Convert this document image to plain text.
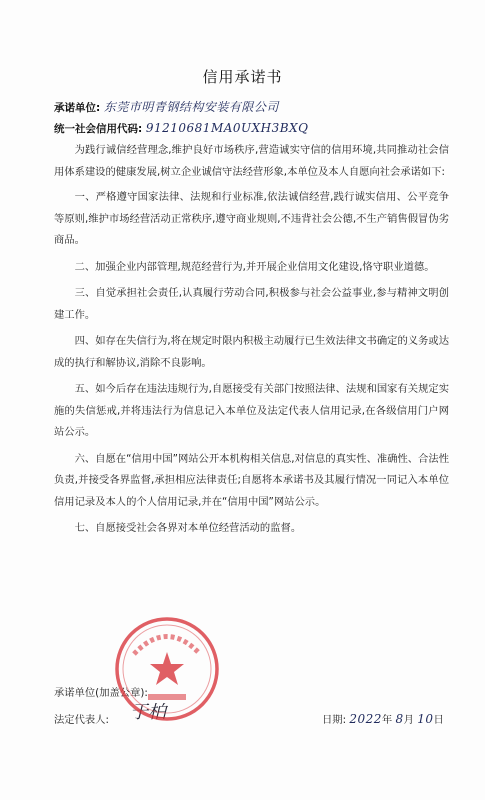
信用承诺书
承诺单位: 东莞市明青钢结构安装有限公司
统一社会信用代码: 91210681MA0UXH3BXQ

为践行诚信经营理念,维护良好市场秩序,营造诚实守信的信用环境,共同推动社会信用体系建设的健康发展,树立企业诚信守法经营形象,本单位及本人自愿向社会承诺如下:

一、严格遵守国家法律、法规和行业标准,依法诚信经营,践行诚实信用、公平竞争等原则,维护市场经营活动正常秩序,遵守商业规则,不违背社会公德,不生产销售假冒伪劣商品。

二、加强企业内部管理,规范经营行为,并开展企业信用文化建设,恪守职业道德。

三、自觉承担社会责任,认真履行劳动合同,积极参与社会公益事业,参与精神文明创建工作。

四、如存在失信行为,将在规定时限内积极主动履行已生效法律文书确定的义务或达成的执行和解协议,消除不良影响。

五、如今后存在违法违规行为,自愿接受有关部门按照法律、法规和国家有关规定实施的失信惩戒,并将违法行为信息记入本单位及法定代表人信用记录,在各级信用门户网站公示。

六、自愿在“信用中国”网站公开本机构相关信息,对信息的真实性、准确性、合法性负责,并接受各界监督,承担相应法律责任;自愿将本承诺书及其履行情况一同记入本单位信用记录及本人的个人信用记录,并在“信用中国”网站公示。

七、自愿接受社会各界对本单位经营活动的监督。

承诺单位(加盖公章):
法定代表人: 于柏	日期: 2022年 8月 10日
